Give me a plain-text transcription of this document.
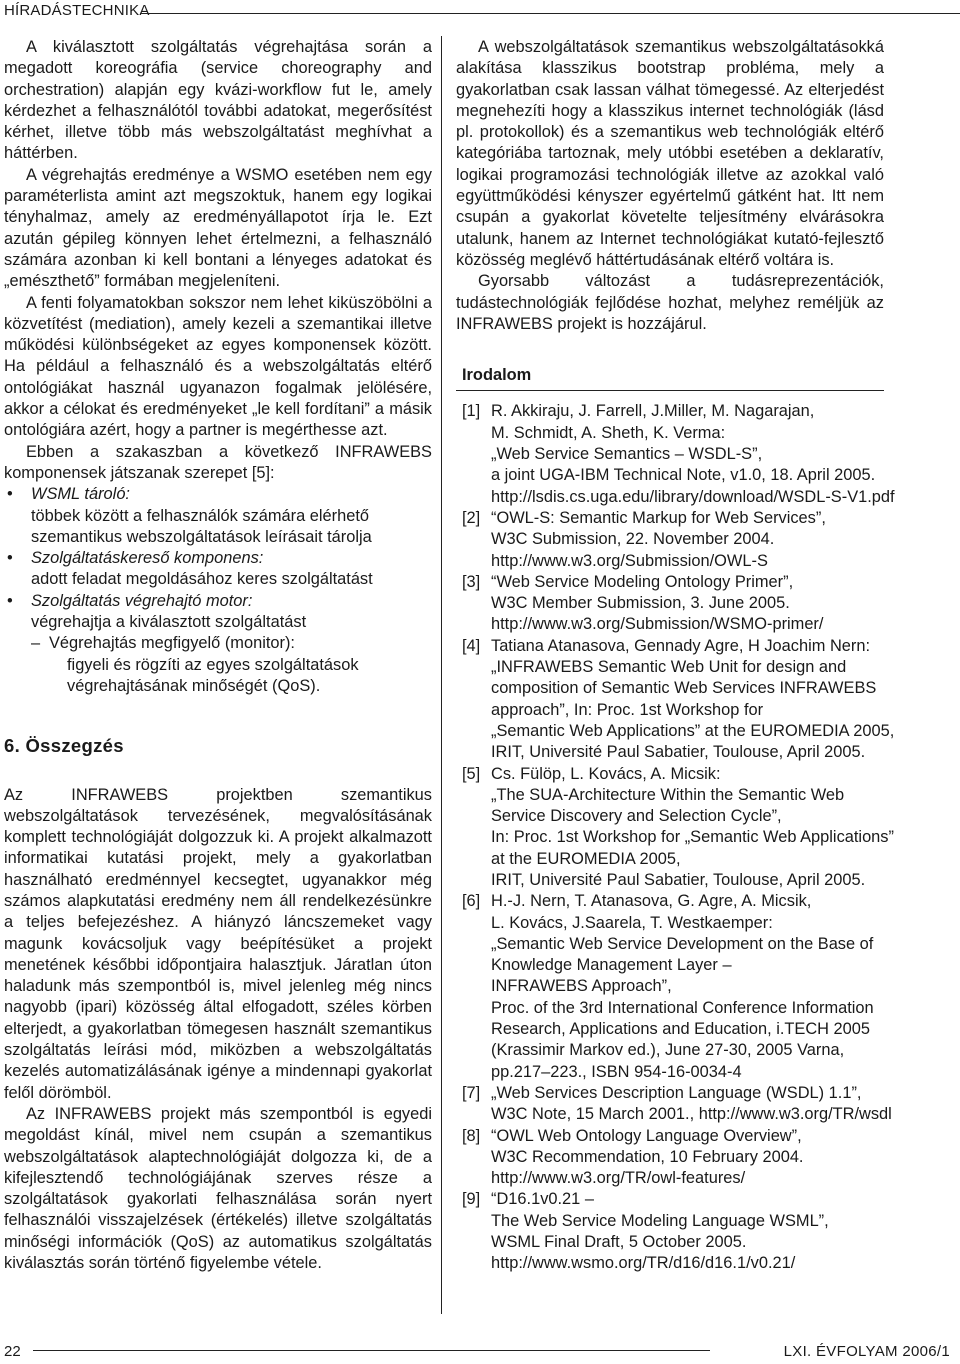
HÍRADÁSTECHNIKA

A kiválasztott szolgáltatás végrehajtása során a megadott koreográfia (service choreography and orchestration) alapján egy kvázi-workflow fut le, amely kérdezhet a felhasználótól további adatokat, megerősítést kérhet, illetve több más webszolgáltatást meghívhat a háttérben.

A végrehajtás eredménye a WSMO esetében nem egy paraméterlista amint azt megszoktuk, hanem egy logikai tényhalmaz, amely az eredményállapotot írja le. Ezt azután gépileg könnyen lehet értelmezni, a felhasználó számára azonban ki kell bontani a lényeges adatokat és „emészthető” formában megjeleníteni.

A fenti folyamatokban sokszor nem lehet kiküszöbölni a közvetítést (mediation), amely kezeli a szemantikai illetve működési különbségeket az egyes komponensek között. Ha például a felhasználó és a webszolgáltatás eltérő ontológiákat használ ugyanazon fogalmak jelölésére, akkor a célokat és eredményeket „le kell fordítani” a másik ontológiára azért, hogy a partner is megérthesse azt.

Ebben a szakaszban a következő INFRAWEBS komponensek játszanak szerepet [5]:

• WSML tároló:
többek között a felhasználók számára elérhető szemantikus webszolgáltatások leírásait tárolja
• Szolgáltatáskereső komponens:
adott feladat megoldásához keres szolgáltatást
• Szolgáltatás végrehajtó motor:
végrehajtja a kiválasztott szolgáltatást
– Végrehajtás megfigyelő (monitor):
figyeli és rögzíti az egyes szolgáltatások végrehajtásának minőségét (QoS).
6. Összegzés

Az INFRAWEBS projektben szemantikus webszolgáltatások tervezésének, megvalósításának komplett technológiáját dolgozzuk ki. A projekt alkalmazott informatikai kutatási projekt, mely a gyakorlatban használható eredménnyel kecsegtet, ugyanakkor még számos alapkutatási eredmény nem áll rendelkezésünkre a teljes befejezéshez. A hiányzó láncszemeket vagy magunk kovácsoljuk vagy beépítésüket a projekt menetének későbbi időpontjaira halasztjuk. Járatlan úton haladunk más szempontból is, mivel jelenleg még nincs nagyobb (ipari) közösség által elfogadott, széles körben elterjedt, a gyakorlatban tömegesen használt szemantikus szolgáltatás leírási mód, miközben a webszolgáltatás kezelés automatizálásának igénye a mindennapi gyakorlat felől dörömböl.

Az INFRAWEBS projekt más szempontból is egyedi megoldást kínál, mivel nem csupán a szemantikus webszolgáltatások alaptechnológiáját dolgozza ki, de a kifejlesztendő technológiájának szerves része a szolgáltatások gyakorlati felhasználása során nyert felhasználói visszajelzések (értékelés) illetve szolgáltatás minőségi információk (QoS) az automatikus szolgáltatás kiválasztás során történő figyelembe vétele.

A webszolgáltatások szemantikus webszolgáltatásokká alakítása klasszikus bootstrap probléma, mely a gyakorlatban csak lassan válhat tömegessé. Az elterjedést megnehezíti hogy a klasszikus internet technológiák (lásd pl. protokollok) és a szemantikus web technológiák eltérő kategóriába tartoznak, mely utóbbi esetében a deklaratív, logikai programozási technológiák illetve az azokkal való együttműködési kényszer egyértelmű gátként hat. Itt nem csupán a gyakorlat követelte teljesítmény elvárásokra utalunk, hanem az Internet technológiákat kutató-fejlesztő közösség meglévő háttértudásának eltérő voltára is.

Gyorsabb változást a tudásreprezentációk, tudástechnológiák fejlődése hozhat, melyhez reméljük az INFRAWEBS projekt is hozzájárul.

Irodalom
[1] R. Akkiraju, J. Farrell, J.Miller, M. Nagarajan,
M. Schmidt, A. Sheth, K. Verma:
„Web Service Semantics – WSDL-S”,
a joint UGA-IBM Technical Note, v1.0, 18. April 2005.
http://lsdis.cs.uga.edu/library/download/WSDL-S-V1.pdf
[2] “OWL-S: Semantic Markup for Web Services”,
W3C Submission, 22. November 2004.
http://www.w3.org/Submission/OWL-S
[3] “Web Service Modeling Ontology Primer”,
W3C Member Submission, 3. June 2005.
http://www.w3.org/Submission/WSMO-primer/
[4] Tatiana Atanasova, Gennady Agre, H Joachim Nern:
„INFRAWEBS Semantic Web Unit for design and
composition of Semantic Web Services INFRAWEBS
approach”, In: Proc. 1st Workshop for
„Semantic Web Applications” at the EUROMEDIA 2005,
IRIT, Université Paul Sabatier, Toulouse, April 2005.
[5] Cs. Fülöp, L. Kovács, A. Micsik:
„The SUA-Architecture Within the Semantic Web
Service Discovery and Selection Cycle”,
In: Proc. 1st Workshop for „Semantic Web Applications”
at the EUROMEDIA 2005,
IRIT, Université Paul Sabatier, Toulouse, April 2005.
[6] H.-J. Nern, T. Atanasova, G. Agre, A. Micsik,
L. Kovács, J.Saarela, T. Westkaemper:
„Semantic Web Service Development on the Base of
Knowledge Management Layer –
INFRAWEBS Approach”,
Proc. of the 3rd International Conference Information
Research, Applications and Education, i.TECH 2005
(Krassimir Markov ed.), June 27-30, 2005 Varna,
pp.217–223., ISBN 954-16-0034-4
[7] „Web Services Description Language (WSDL) 1.1”,
W3C Note, 15 March 2001., http://www.w3.org/TR/wsdl
[8] “OWL Web Ontology Language Overview”,
W3C Recommendation, 10 February 2004.
http://www.w3.org/TR/owl-features/
[9] “D16.1v0.21 –
The Web Service Modeling Language WSML”,
WSML Final Draft, 5 October 2005.
http://www.wsmo.org/TR/d16/d16.1/v0.21/
22	LXI. ÉVFOLYAM 2006/1
